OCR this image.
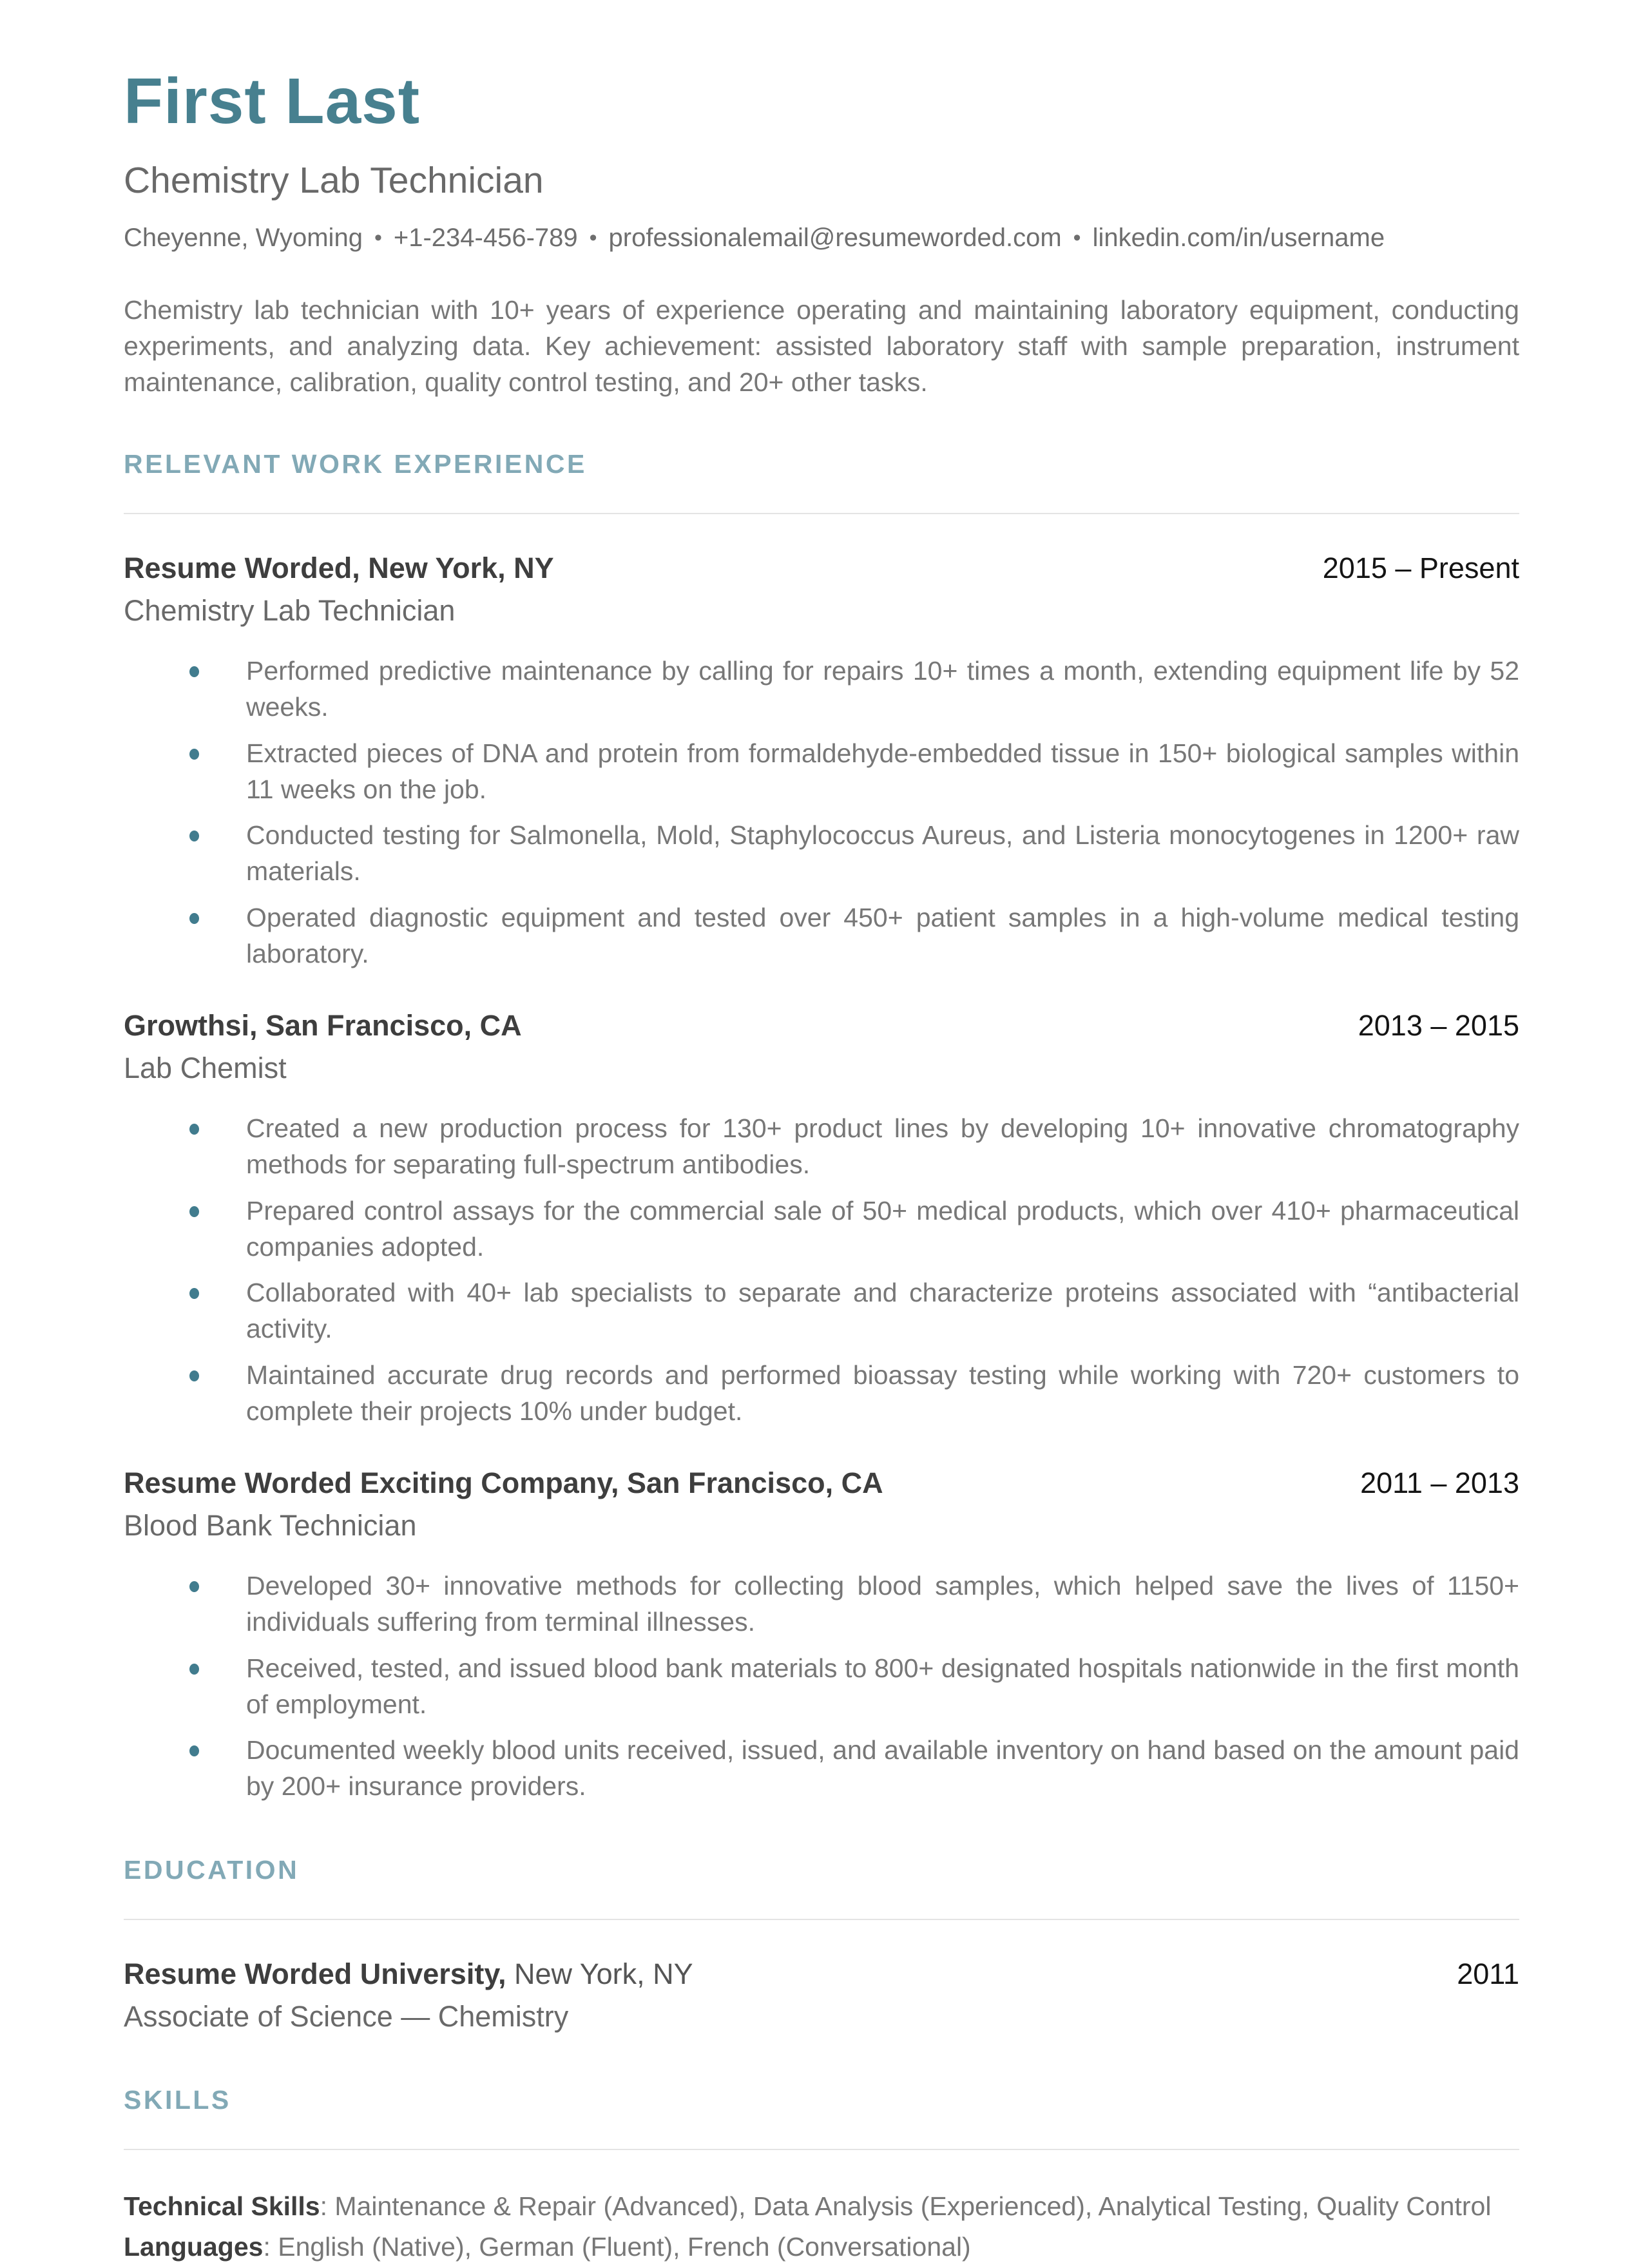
First Last
Chemistry Lab Technician
Cheyenne, Wyoming • +1-234-456-789 • professionalemail@resumeworded.com • linkedin.com/in/username

Chemistry lab technician with 10+ years of experience operating and maintaining laboratory equipment, conducting experiments, and analyzing data. Key achievement: assisted laboratory staff with sample preparation, instrument maintenance, calibration, quality control testing, and 20+ other tasks.

RELEVANT WORK EXPERIENCE
Resume Worded, New York, NY	2015 – Present
Chemistry Lab Technician
Performed predictive maintenance by calling for repairs 10+ times a month, extending equipment life by 52 weeks.
Extracted pieces of DNA and protein from formaldehyde-embedded tissue in 150+ biological samples within 11 weeks on the job.
Conducted testing for Salmonella, Mold, Staphylococcus Aureus, and Listeria monocytogenes in 1200+ raw materials.
Operated diagnostic equipment and tested over 450+ patient samples in a high-volume medical testing laboratory.
Growthsi, San Francisco, CA	2013 – 2015
Lab Chemist
Created a new production process for 130+ product lines by developing 10+ innovative chromatography methods for separating full-spectrum antibodies.
Prepared control assays for the commercial sale of 50+ medical products, which over 410+ pharmaceutical companies adopted.
Collaborated with 40+ lab specialists to separate and characterize proteins associated with “antibacterial activity.
Maintained accurate drug records and performed bioassay testing while working with 720+ customers to complete their projects 10% under budget.
Resume Worded Exciting Company, San Francisco, CA	2011 – 2013
Blood Bank Technician
Developed 30+ innovative methods for collecting blood samples, which helped save the lives of 1150+ individuals suffering from terminal illnesses.
Received, tested, and issued blood bank materials to 800+ designated hospitals nationwide in the first month of employment.
Documented weekly blood units received, issued, and available inventory on hand based on the amount paid by 200+ insurance providers.
EDUCATION
Resume Worded University, New York, NY	2011
Associate of Science — Chemistry
SKILLS
Technical Skills: Maintenance & Repair (Advanced), Data Analysis (Experienced), Analytical Testing, Quality Control
Languages: English (Native), German (Fluent), French (Conversational)
